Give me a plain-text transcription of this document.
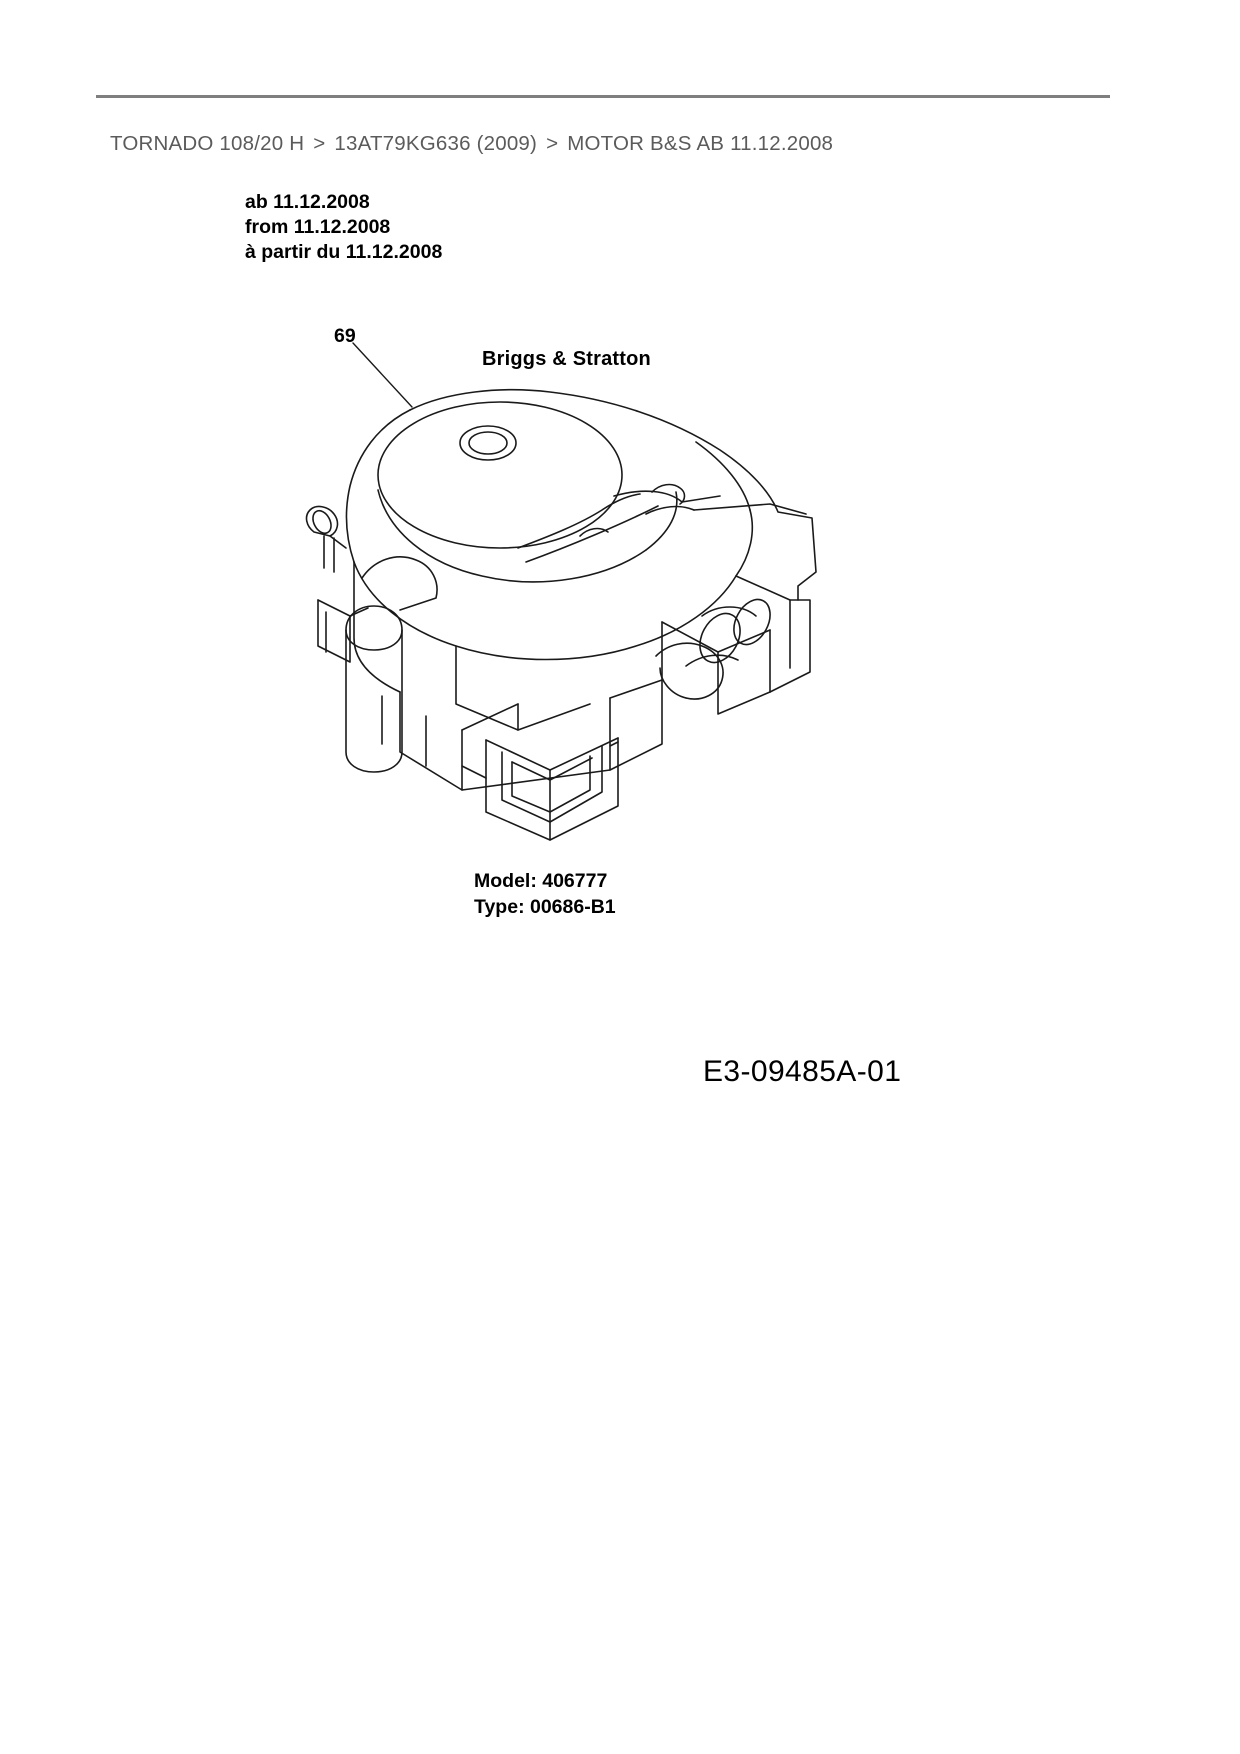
TORNADO 108/20 H > 13AT79KG636 (2009) > MOTOR B&S AB 11.12.2008
ab 11.12.2008
from 11.12.2008
à partir du 11.12.2008
69
Briggs & Stratton
Model: 406777
Type: 00686-B1
E3-09485A-01
